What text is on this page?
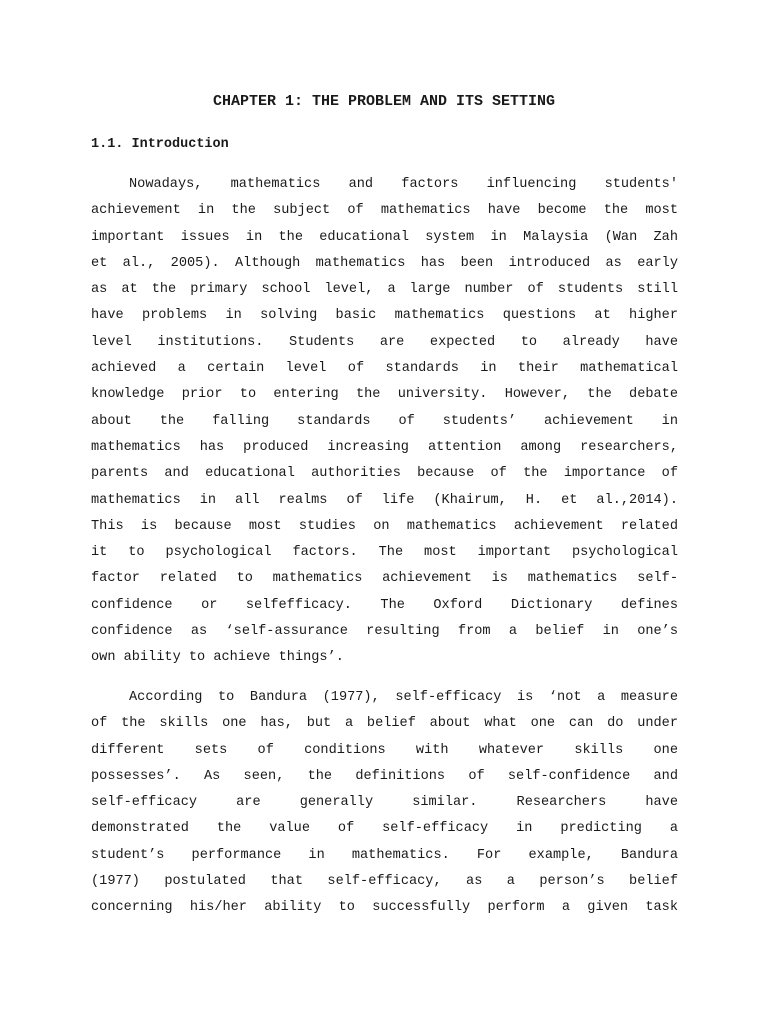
CHAPTER 1: THE PROBLEM AND ITS SETTING
1.1. Introduction
Nowadays, mathematics and factors influencing students'
achievement in the subject of mathematics have become the most
important issues in the educational system in Malaysia (Wan Zah
et al., 2005). Although mathematics has been introduced as early
as at the primary school level, a large number of students still
have problems in solving basic mathematics questions at higher
level institutions. Students are expected to already have
achieved a certain level of standards in their mathematical
knowledge prior to entering the university. However, the debate
about the falling standards of students’ achievement in
mathematics has produced increasing attention among researchers,
parents and educational authorities because of the importance of
mathematics in all realms of life (Khairum, H. et al.,2014).
This is because most studies on mathematics achievement related
it to psychological factors. The most important psychological
factor related to mathematics achievement is mathematics self-
confidence or selfefficacy. The Oxford Dictionary defines
confidence as ‘self-assurance resulting from a belief in one’s
own ability to achieve things’.
According to Bandura (1977), self-efficacy is ‘not a measure
of the skills one has, but a belief about what one can do under
different sets of conditions with whatever skills one
possesses’. As seen, the definitions of self-confidence and
self-efficacy are generally similar. Researchers have
demonstrated the value of self-efficacy in predicting a
student’s performance in mathematics. For example, Bandura
(1977) postulated that self-efficacy, as a person’s belief
concerning his/her ability to successfully perform a given task
